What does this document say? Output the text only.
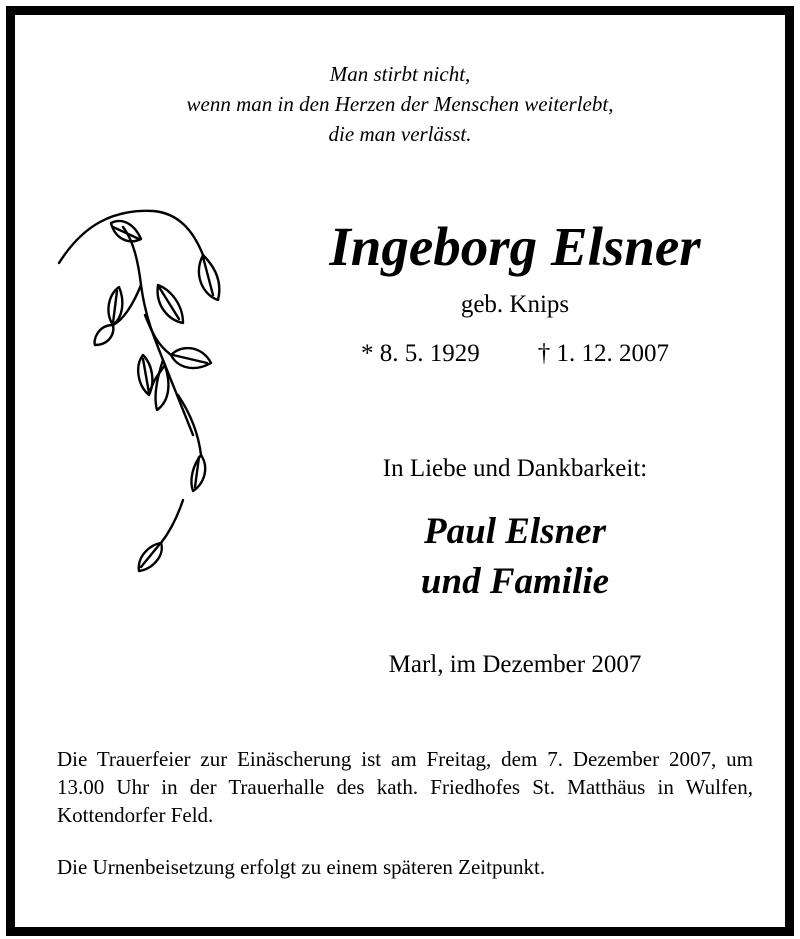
Man stirbt nicht,
wenn man in den Herzen der Menschen weiterlebt,
die man verlässt.
Ingeborg Elsner
geb. Knips
* 8. 5. 1929 † 1. 12. 2007
In Liebe und Dankbarkeit:
Paul Elsner
und Familie
Marl, im Dezember 2007
Die Trauerfeier zur Einäscherung ist am Freitag, dem 7. Dezember 2007, um 13.00 Uhr in der Trauerhalle des kath. Friedhofes St. Matthäus in Wulfen, Kottendorfer Feld.
Die Urnenbeisetzung erfolgt zu einem späteren Zeitpunkt.
